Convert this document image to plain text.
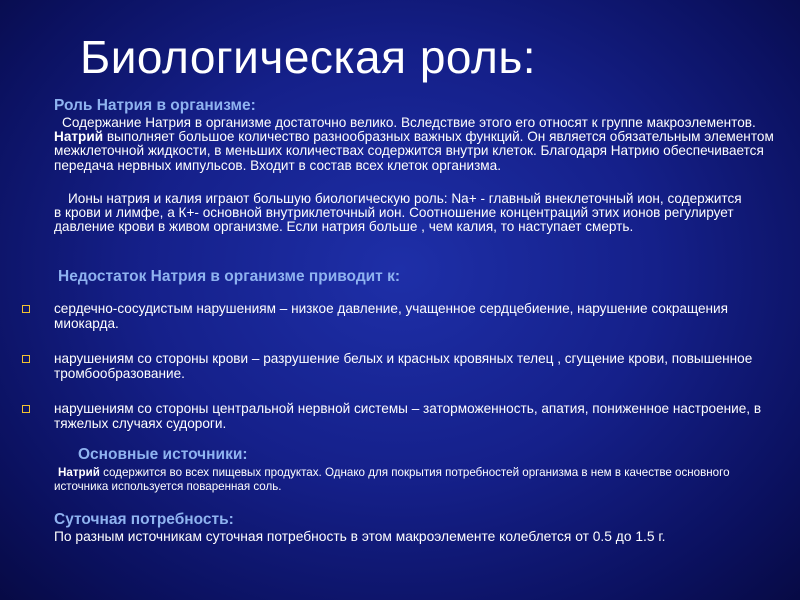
Биологическая роль:
Роль Натрия в организме:
Содержание Натрия в организме достаточно велико. Вследствие этого его относят к группе макроэлементов. Натрий выполняет большое количество разнообразных важных функций. Он является обязательным элементом межклеточной жидкости, в меньших количествах содержится внутри клеток. Благодаря Натрию обеспечивается передача нервных импульсов. Входит в состав всех клеток организма.
Ионы натрия и калия играют большую биологическую роль: Na+ - главный внеклеточный ион, содержится в крови и лимфе, а К+- основной внутриклеточный ион. Соотношение концентраций этих ионов регулирует давление крови в живом организме. Если натрия больше , чем калия, то наступает смерть.
Недостаток Натрия в организме приводит к:
сердечно-сосудистым нарушениям – низкое давление, учащенное сердцебиение, нарушение сокращения миокарда.
нарушениям со стороны крови – разрушение белых и красных кровяных телец , сгущение крови, повышенное тромбообразование.
нарушениям со стороны центральной нервной системы – заторможенность, апатия, пониженное настроение, в тяжелых случаях судороги.
Основные источники:
Натрий содержится во всех пищевых продуктах. Однако для покрытия потребностей организма в нем в качестве основного источника используется поваренная соль.
Суточная потребность:
По разным источникам суточная потребность в этом макроэлементе колеблется от 0.5 до 1.5 г.
